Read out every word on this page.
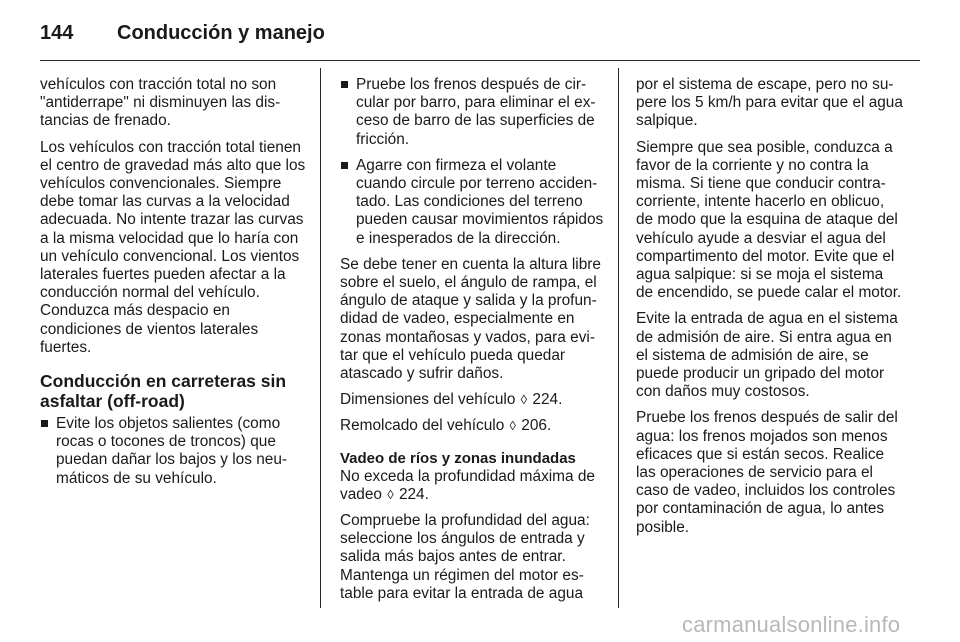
144 Conducción y manejo

vehículos con tracción total no son "antiderrape" ni disminuyen las distancias de frenado.

Los vehículos con tracción total tienen el centro de gravedad más alto que los vehículos convencionales. Siempre debe tomar las curvas a la velocidad adecuada. No intente trazar las curvas a la misma velocidad que lo haría con un vehículo convencional. Los vientos laterales fuertes pueden afectar a la conducción normal del vehículo. Conduzca más despacio en condiciones de vientos laterales fuertes.

Conducción en carreteras sin asfaltar (off-road)
Evite los objetos salientes (como rocas o tocones de troncos) que puedan dañar los bajos y los neumáticos de su vehículo.
Pruebe los frenos después de circular por barro, para eliminar el exceso de barro de las superficies de fricción.
Agarre con firmeza el volante cuando circule por terreno accidentado. Las condiciones del terreno pueden causar movimientos rápidos e inesperados de la dirección.

Se debe tener en cuenta la altura libre sobre el suelo, el ángulo de rampa, el ángulo de ataque y salida y la profundidad de vadeo, especialmente en zonas montañosas y vados, para evitar que el vehículo pueda quedar atascado y sufrir daños.

Dimensiones del vehículo ◊ 224.

Remolcado del vehículo ◊ 206.

Vadeo de ríos y zonas inundadas

No exceda la profundidad máxima de vadeo ◊ 224.

Compruebe la profundidad del agua: seleccione los ángulos de entrada y salida más bajos antes de entrar. Mantenga un régimen del motor estable para evitar la entrada de agua

por el sistema de escape, pero no supere los 5 km/h para evitar que el agua salpique.

Siempre que sea posible, conduzca a favor de la corriente y no contra la misma. Si tiene que conducir contracorriente, intente hacerlo en oblicuo, de modo que la esquina de ataque del vehículo ayude a desviar el agua del compartimento del motor. Evite que el agua salpique: si se moja el sistema de encendido, se puede calar el motor.

Evite la entrada de agua en el sistema de admisión de aire. Si entra agua en el sistema de admisión de aire, se puede producir un gripado del motor con daños muy costosos.

Pruebe los frenos después de salir del agua: los frenos mojados son menos eficaces que si están secos. Realice las operaciones de servicio para el caso de vadeo, incluidos los controles por contaminación de agua, lo antes posible.

carmanualsonline.info
